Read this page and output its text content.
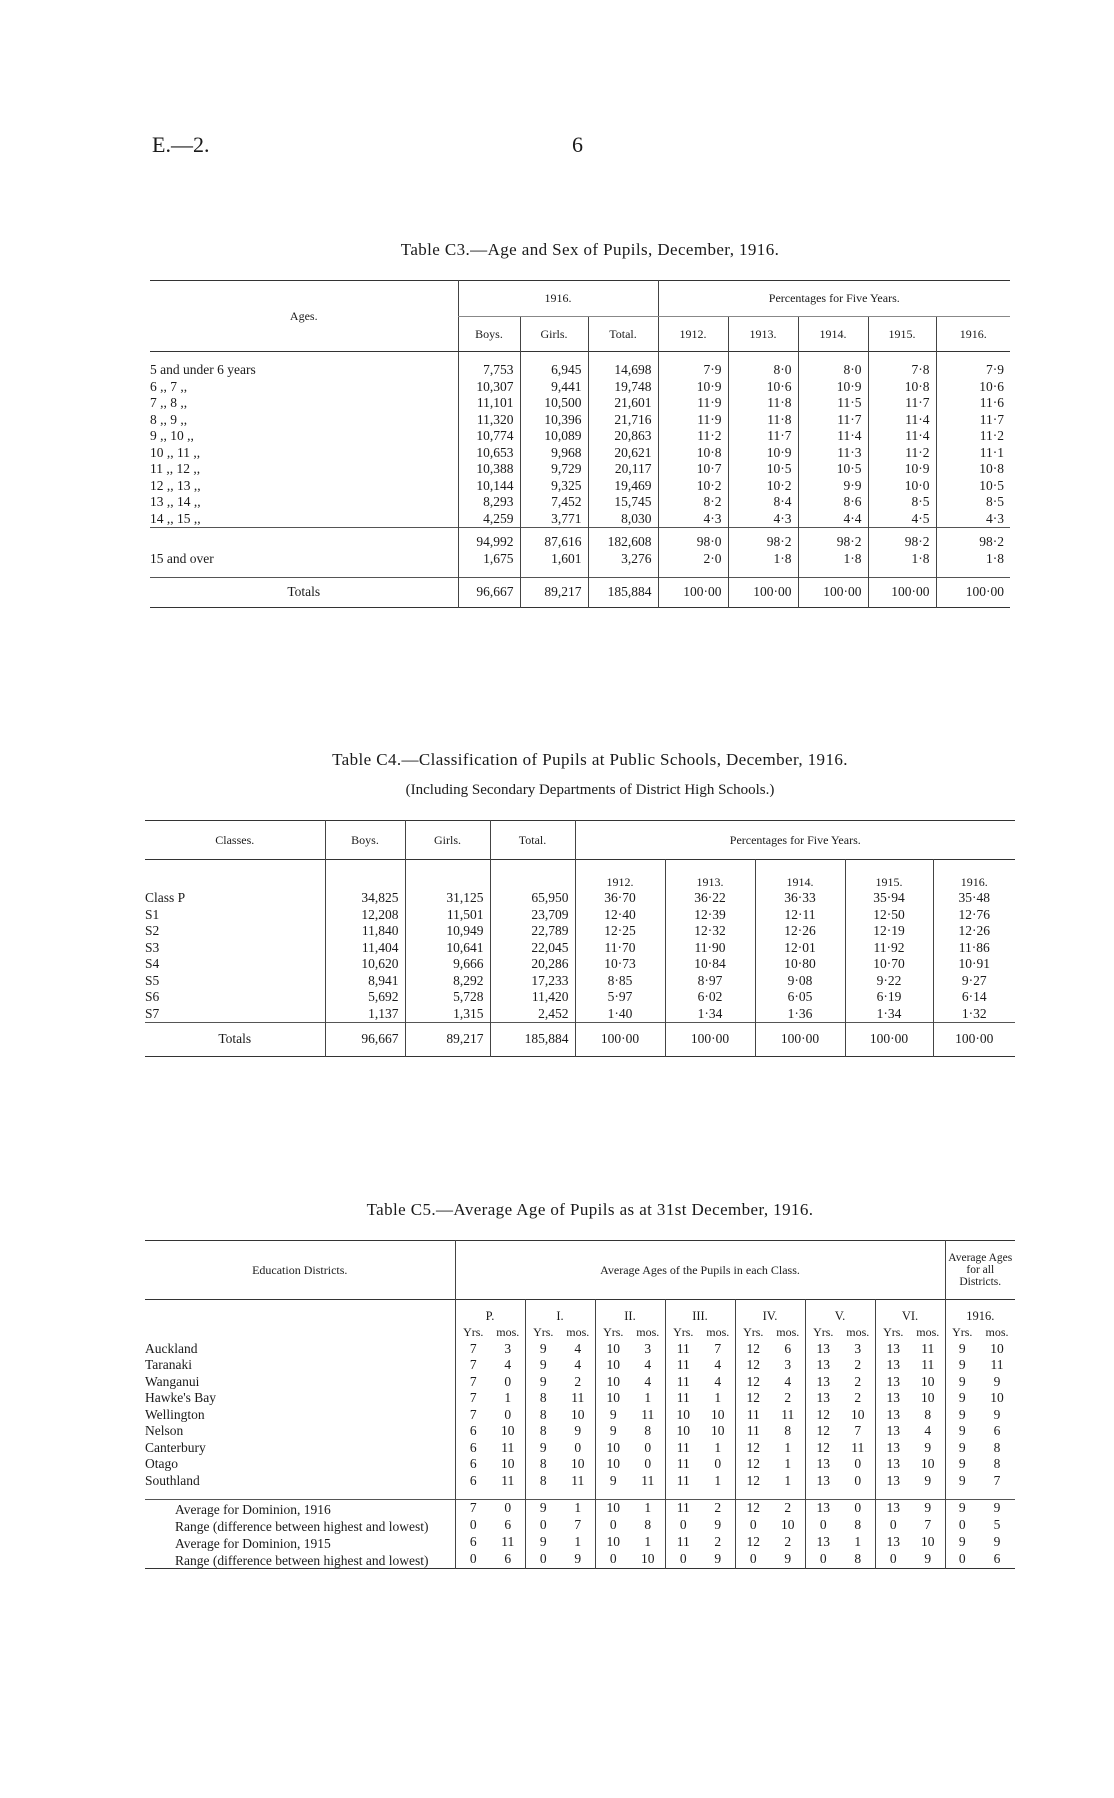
E.—2.	6
Table C3.—Age and Sex of Pupils, December, 1916.
Ages.	1916.			Percentages for Five Years.				
	Boys.	Girls.	Total.	1912.	1913.	1914.	1915.	1916.

5 and under 6 years	7,753	6,945	14,698	7·9	8·0	8·0	7·8	7·9
6 ,, 7 ,,	10,307	9,441	19,748	10·9	10·6	10·9	10·8	10·6
7 ,, 8 ,,	11,101	10,500	21,601	11·9	11·8	11·5	11·7	11·6
8 ,, 9 ,,	11,320	10,396	21,716	11·9	11·8	11·7	11·4	11·7
9 ,, 10 ,,	10,774	10,089	20,863	11·2	11·7	11·4	11·4	11·2
10 ,, 11 ,,	10,653	9,968	20,621	10·8	10·9	11·3	11·2	11·1
11 ,, 12 ,,	10,388	9,729	20,117	10·7	10·5	10·5	10·9	10·8
12 ,, 13 ,,	10,144	9,325	19,469	10·2	10·2	9·9	10·0	10·5
13 ,, 14 ,,	8,293	7,452	15,745	8·2	8·4	8·6	8·5	8·5
14 ,, 15 ,,	4,259	3,771	8,030	4·3	4·3	4·4	4·5	4·3
	94,992	87,616	182,608	98·0	98·2	98·2	98·2	98·2
15 and over	1,675	1,601	3,276	2·0	1·8	1·8	1·8	1·8

Totals	96,667	89,217	185,884	100·00	100·00	100·00	100·00	100·00
Table C4.—Classification of Pupils at Public Schools, December, 1916.
(Including Secondary Departments of District High Schools.)
Classes.	Boys.	Girls.	Total.	Percentages for Five Years.				
				1912.	1913.	1914.	1915.	1916.
Class P	34,825	31,125	65,950	36·70	36·22	36·33	35·94	35·48
S1	12,208	11,501	23,709	12·40	12·39	12·11	12·50	12·76
S2	11,840	10,949	22,789	12·25	12·32	12·26	12·19	12·26
S3	11,404	10,641	22,045	11·70	11·90	12·01	11·92	11·86
S4	10,620	9,666	20,286	10·73	10·84	10·80	10·70	10·91
S5	8,941	8,292	17,233	8·85	8·97	9·08	9·22	9·27
S6	5,692	5,728	11,420	5·97	6·02	6·05	6·19	6·14
S7	1,137	1,315	2,452	1·40	1·34	1·36	1·34	1·32
Totals	96,667	89,217	185,884	100·00	100·00	100·00	100·00	100·00
Table C5.—Average Age of Pupils as at 31st December, 1916.
Education Districts.	Average Ages of the Pupils in each Class.														Average Ages for all Districts.	
	P.		I.		II.		III.		IV.		V.		VI.		1916.	
	Yrs.	mos.	Yrs.	mos.	Yrs.	mos.	Yrs.	mos.	Yrs.	mos.	Yrs.	mos.	Yrs.	mos.	Yrs.	mos.
Auckland	7	3	9	4	10	3	11	7	12	6	13	3	13	11	9	10
Taranaki	7	4	9	4	10	4	11	4	12	3	13	2	13	11	9	11
Wanganui	7	0	9	2	10	4	11	4	12	4	13	2	13	10	9	9
Hawke's Bay	7	1	8	11	10	1	11	1	12	2	13	2	13	10	9	10
Wellington	7	0	8	10	9	11	10	10	11	11	12	10	13	8	9	9
Nelson	6	10	8	9	9	8	10	10	11	8	12	7	13	4	9	6
Canterbury	6	11	9	0	10	0	11	1	12	1	12	11	13	9	9	8
Otago	6	10	8	10	10	0	11	0	12	1	13	0	13	10	9	8
Southland	6	11	8	11	9	11	11	1	12	1	13	0	13	9	9	7

Average for Dominion, 1916	7	0	9	1	10	1	11	2	12	2	13	0	13	9	9	9
Range (difference between highest and lowest)	0	6	0	7	0	8	0	9	0	10	0	8	0	7	0	5
Average for Dominion, 1915	6	11	9	1	10	1	11	2	12	2	13	1	13	10	9	9
Range (difference between highest and lowest)	0	6	0	9	0	10	0	9	0	9	0	8	0	9	0	6
